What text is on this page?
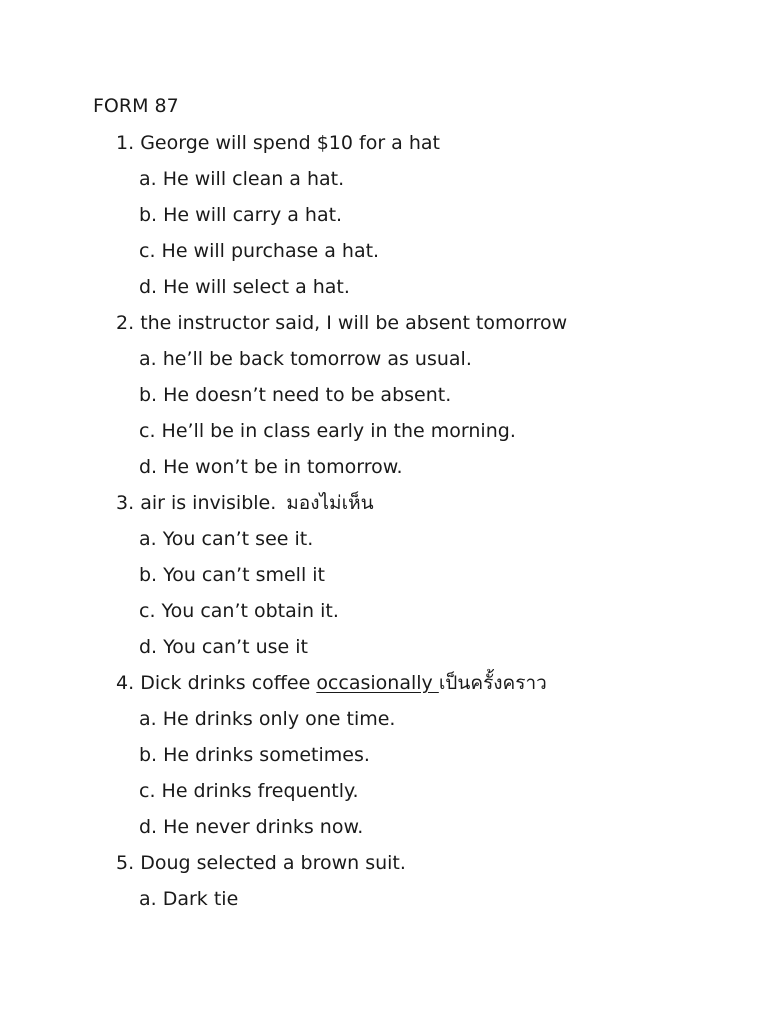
FORM 87
1. George will spend $10 for a hat
a. He will clean a hat.
b. He will carry a hat.
c. He will purchase a hat.
d. He will select a hat.
2. the instructor said, I will be absent tomorrow
a. he’ll be back tomorrow as usual.
b. He doesn’t need to be absent.
c. He’ll be in class early in the morning.
d. He won’t be in tomorrow.
3. air is invisible. มองไม่เห็น
a. You can’t see it.
b. You can’t smell it
c. You can’t obtain it.
d. You can’t use it
4. Dick drinks coffee occasionally เป็นครั้งคราว
a. He drinks only one time.
b. He drinks sometimes.
c. He drinks frequently.
d. He never drinks now.
5. Doug selected a brown suit.
a. Dark tie
